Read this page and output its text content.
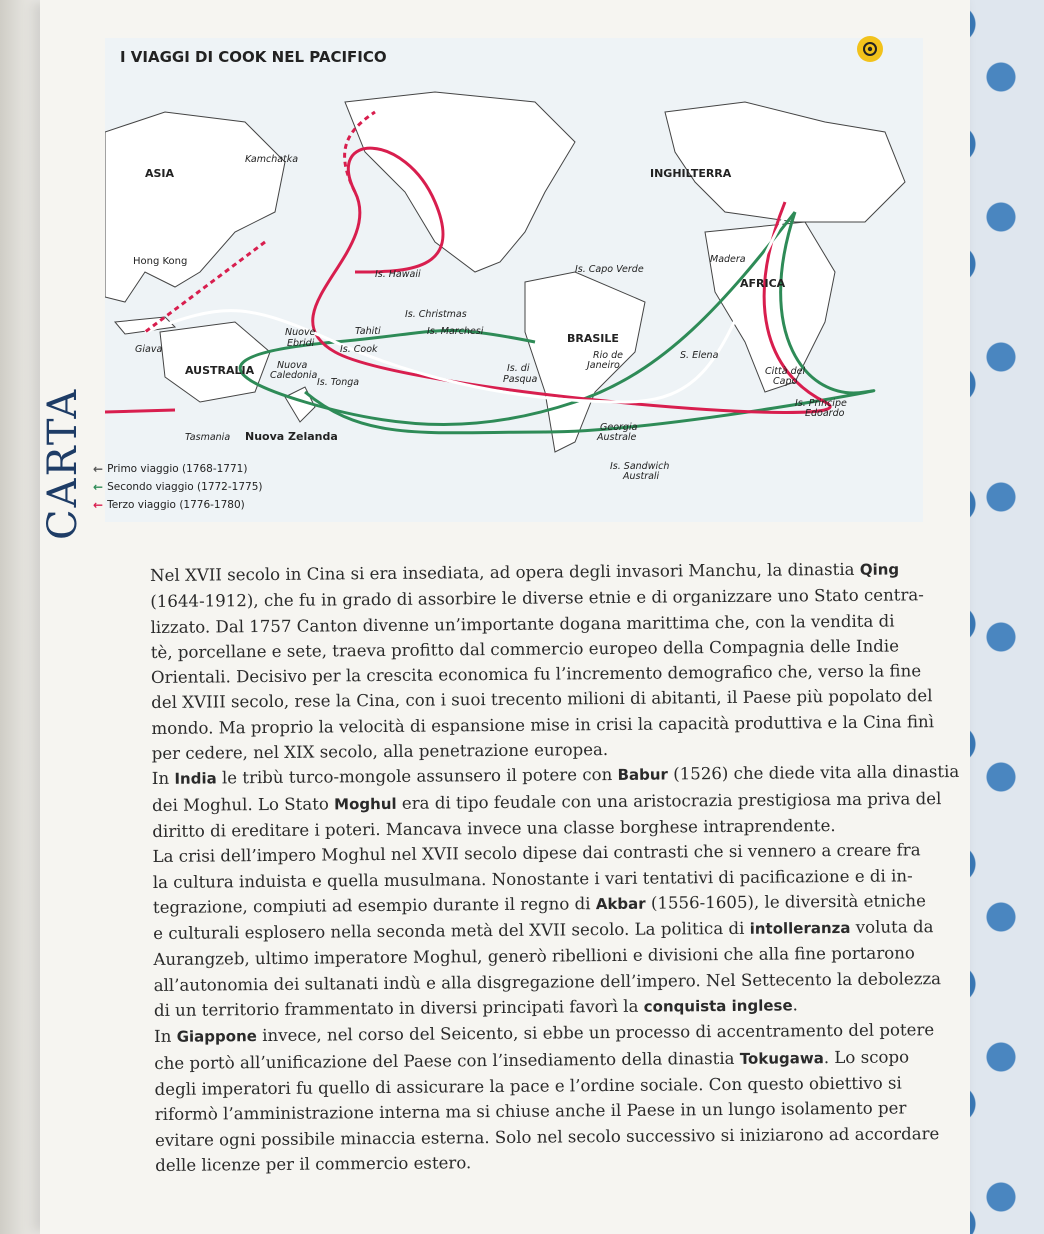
I VIAGGI DI COOK NEL PACIFICO
CARTA
ASIA
Kamchatka
Hong Kong
Is. Hawaii
Is. Christmas
Tahiti	Is. Marchesi
Nuove
Ebridi
Is. Cook
Giava
AUSTRALIA Nuova
Caledonia
Is. Tonga
Is. di
Pasqua
Tasmania Nuova Zelanda
INGHILTERRA
Is. Capo Verde
Madera
AFRICA
BRASILE
Rio de
Janeiro
S. Elena
Città del
Capo
Is. Principe
Edoardo
Georgia
Australe
Is. Sandwich
Australi
← Primo viaggio (1768-1771)
← Secondo viaggio (1772-1775)
← Terzo viaggio (1776-1780)

Nel XVII secolo in Cina si era insediata, ad opera degli invasori Manchu, la dinastia Qing
(1644-1912), che fu in grado di assorbire le diverse etnie e di organizzare uno Stato centra-
lizzato. Dal 1757 Canton divenne un’importante dogana marittima che, con la vendita di
tè, porcellane e sete, traeva profitto dal commercio europeo della Compagnia delle Indie
Orientali. Decisivo per la crescita economica fu l’incremento demografico che, verso la fine
del XVIII secolo, rese la Cina, con i suoi trecento milioni di abitanti, il Paese più popolato del
mondo. Ma proprio la velocità di espansione mise in crisi la capacità produttiva e la Cina finì
per cedere, nel XIX secolo, alla penetrazione europea.

In India le tribù turco-mongole assunsero il potere con Babur (1526) che diede vita alla dinastia
dei Moghul. Lo Stato Moghul era di tipo feudale con una aristocrazia prestigiosa ma priva del
diritto di ereditare i poteri. Mancava invece una classe borghese intraprendente.

La crisi dell’impero Moghul nel XVII secolo dipese dai contrasti che si vennero a creare fra
la cultura induista e quella musulmana. Nonostante i vari tentativi di pacificazione e di in-
tegrazione, compiuti ad esempio durante il regno di Akbar (1556-1605), le diversità etniche
e culturali esplosero nella seconda metà del XVII secolo. La politica di intolleranza voluta da
Aurangzeb, ultimo imperatore Moghul, generò ribellioni e divisioni che alla fine portarono
all’autonomia dei sultanati indù e alla disgregazione dell’impero. Nel Settecento la debolezza
di un territorio frammentato in diversi principati favorì la conquista inglese.

In Giappone invece, nel corso del Seicento, si ebbe un processo di accentramento del potere
che portò all’unificazione del Paese con l’insediamento della dinastia Tokugawa. Lo scopo
degli imperatori fu quello di assicurare la pace e l’ordine sociale. Con questo obiettivo si
riformò l’amministrazione interna ma si chiuse anche il Paese in un lungo isolamento per
evitare ogni possibile minaccia esterna. Solo nel secolo successivo si iniziarono ad accordare
delle licenze per il commercio estero.
